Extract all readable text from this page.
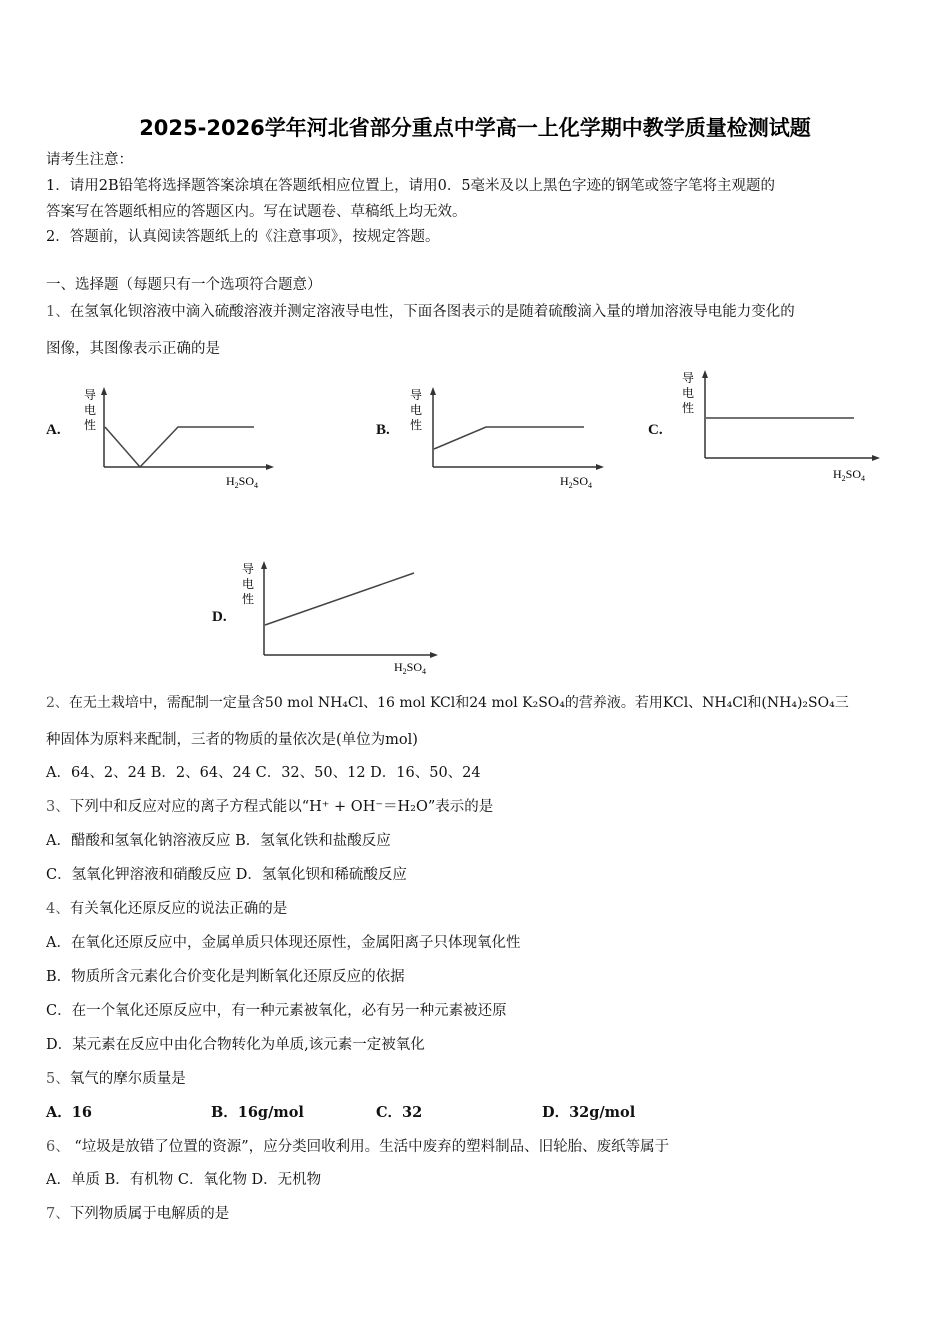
2025-2026学年河北省部分重点中学高一上化学期中教学质量检测试题
请考生注意：
1．请用2B铅笔将选择题答案涂填在答题纸相应位置上，请用0．5毫米及以上黑色字迹的钢笔或签字笔将主观题的
答案写在答题纸相应的答题区内。写在试题卷、草稿纸上均无效。
2．答题前，认真阅读答题纸上的《注意事项》，按规定答题。
一、选择题（每题只有一个选项符合题意）
1、在氢氧化钡溶液中滴入硫酸溶液并测定溶液导电性，下面各图表示的是随着硫酸滴入量的增加溶液导电能力变化的
图像，其图像表示正确的是
A.
导
电
性
$H_2SO_4$
B.
导
电
性
$H_2SO_4$
C.
导
电
性
$H_2SO_4$
D.
导
电
性
$H_2SO_4$
2、在无土栽培中，需配制一定量含50 mol NH₄Cl、16 mol KCl和24 mol K₂SO₄的营养液。若用KCl、NH₄Cl和(NH₄)₂SO₄三
种固体为原料来配制，三者的物质的量依次是(单位为mol)
A．64、2、24 B．2、64、24 C．32、50、12 D．16、50、24
3、下列中和反应对应的离子方程式能以“H⁺ + OH⁻＝H₂O”表示的是
A．醋酸和氢氧化钠溶液反应 B．氢氧化铁和盐酸反应
C．氢氧化钾溶液和硝酸反应 D．氢氧化钡和稀硫酸反应
4、有关氧化还原反应的说法正确的是
A．在氧化还原反应中，金属单质只体现还原性，金属阳离子只体现氧化性
B．物质所含元素化合价变化是判断氧化还原反应的依据
C．在一个氧化还原反应中，有一种元素被氧化，必有另一种元素被还原
D．某元素在反应中由化合物转化为单质,该元素一定被氧化
5、氧气的摩尔质量是
A．16	B．16g/mol	C．32	D．32g/mol
6、 “垃圾是放错了位置的资源”，应分类回收利用。生活中废弃的塑料制品、旧轮胎、废纸等属于
A．单质 B．有机物 C．氧化物 D．无机物
7、下列物质属于电解质的是
